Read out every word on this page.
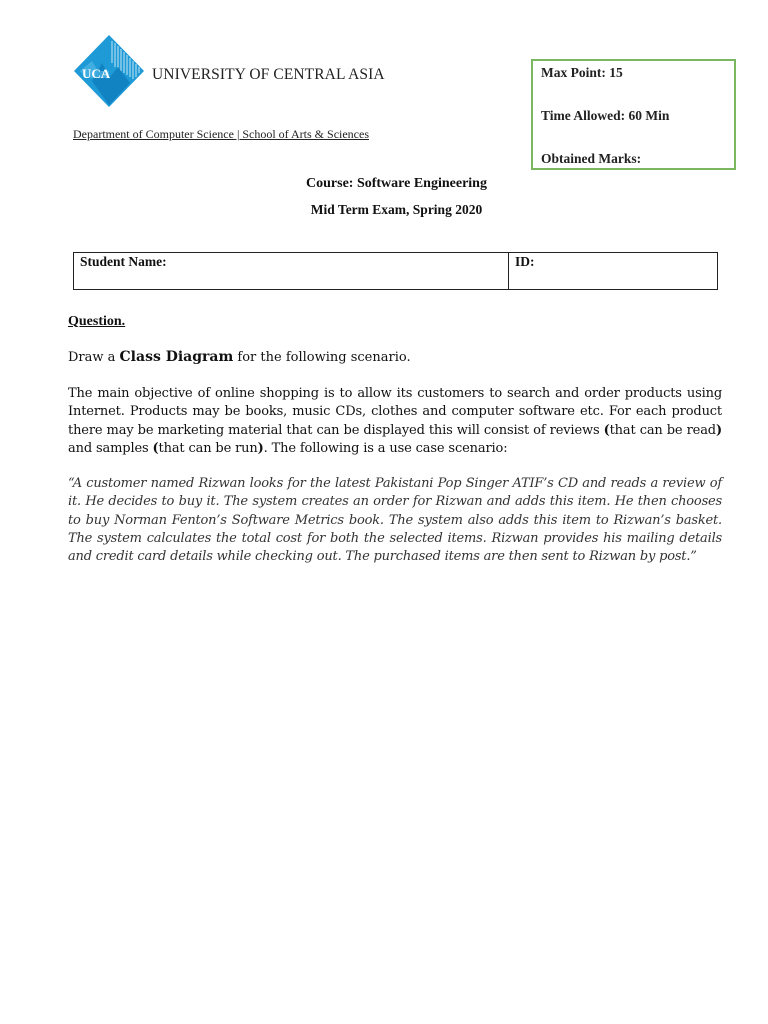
UCA	UNIVERSITY OF CENTRAL ASIA
Department of Computer Science | School of Arts & Sciences
Max Point: 15
Time Allowed: 60 Min
Obtained Marks:
Course: Software Engineering
Mid Term Exam, Spring 2020
Student Name:	ID:
Question.
Draw a Class Diagram for the following scenario.
The main objective of online shopping is to allow its customers to search and order products using Internet. Products may be books, music CDs, clothes and computer software etc. For each product there may be marketing material that can be displayed this will consist of reviews (that can be read) and samples (that can be run). The following is a use case scenario:
“A customer named Rizwan looks for the latest Pakistani Pop Singer ATIF’s CD and reads a review of it. He decides to buy it. The system creates an order for Rizwan and adds this item. He then chooses to buy Norman Fenton’s Software Metrics book. The system also adds this item to Rizwan’s basket. The system calculates the total cost for both the selected items. Rizwan provides his mailing details and credit card details while checking out. The purchased items are then sent to Rizwan by post.”
